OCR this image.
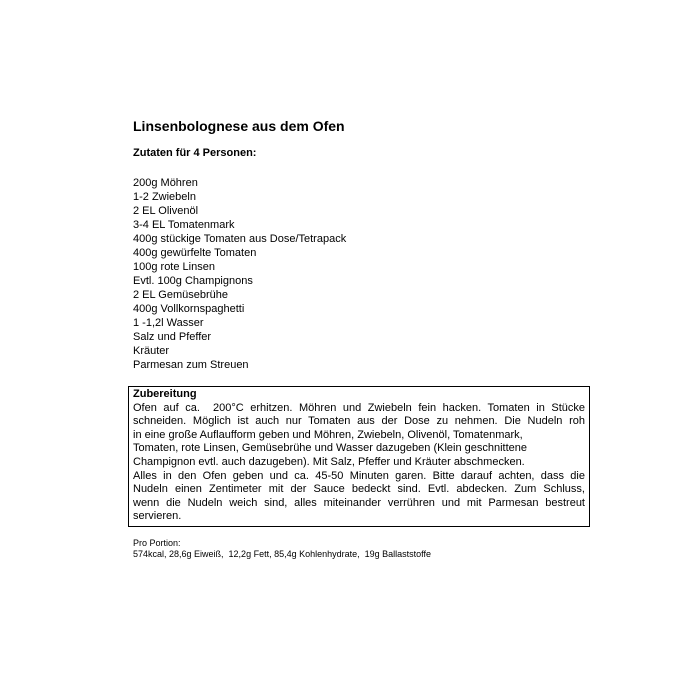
Linsenbolognese aus dem Ofen
Zutaten für 4 Personen:
200g Möhren
1-2 Zwiebeln
2 EL Olivenöl
3-4 EL Tomatenmark
400g stückige Tomaten aus Dose/Tetrapack
400g gewürfelte Tomaten
100g rote Linsen
Evtl. 100g Champignons
2 EL Gemüsebrühe
400g Vollkornspaghetti
1 -1,2l Wasser
Salz und Pfeffer
Kräuter
Parmesan zum Streuen
Zubereitung
Ofen auf ca.  200°C erhitzen. Möhren und Zwiebeln fein hacken. Tomaten in Stücke
schneiden. Möglich ist auch nur Tomaten aus der Dose zu nehmen. Die Nudeln roh
in eine große Auflaufform geben und Möhren, Zwiebeln, Olivenöl, Tomatenmark,
Tomaten, rote Linsen, Gemüsebrühe und Wasser dazugeben (Klein geschnittene
Champignon evtl. auch dazugeben). Mit Salz, Pfeffer und Kräuter abschmecken.
Alles in den Ofen geben und ca. 45-50 Minuten garen. Bitte darauf achten, dass die
Nudeln einen Zentimeter mit der Sauce bedeckt sind. Evtl. abdecken. Zum Schluss,
wenn die Nudeln weich sind, alles miteinander verrühren und mit Parmesan bestreut
servieren.
Pro Portion:
574kcal, 28,6g Eiweiß,  12,2g Fett, 85,4g Kohlenhydrate,  19g Ballaststoffe
